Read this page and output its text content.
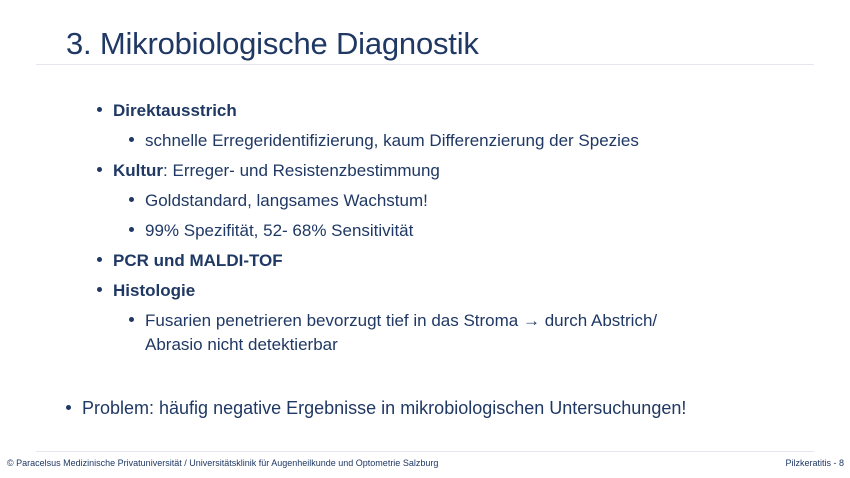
3. Mikrobiologische Diagnostik
Direktausstrich
schnelle Erregeridentifizierung, kaum Differenzierung der Spezies
Kultur: Erreger- und Resistenzbestimmung
Goldstandard, langsames Wachstum!
99% Spezifität, 52- 68% Sensitivität
PCR und MALDI-TOF
Histologie
Fusarien penetrieren bevorzugt tief in das Stroma → durch Abstrich/
Abrasio nicht detektierbar
Problem: häufig negative Ergebnisse in mikrobiologischen Untersuchungen!
© Paracelsus Medizinische Privatuniversität / Universitätsklinik für Augenheilkunde und Optometrie Salzburg	Pilzkeratitis - 8
